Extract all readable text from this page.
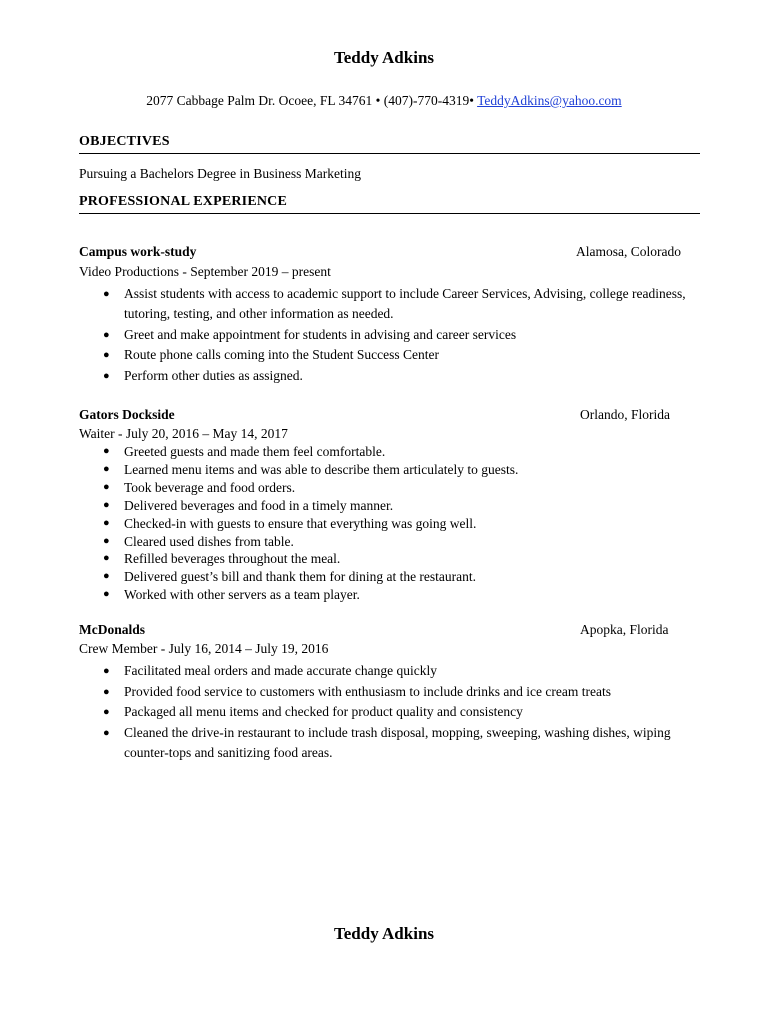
Teddy Adkins
2077 Cabbage Palm Dr. Ocoee, FL 34761 • (407)-770-4319• TeddyAdkins@yahoo.com
OBJECTIVES
Pursuing a Bachelors Degree in Business Marketing
PROFESSIONAL EXPERIENCE
Campus work-study	Alamosa, Colorado
Video Productions - September 2019 – present
● Assist students with access to academic support to include Career Services, Advising, college readiness, tutoring, testing, and other information as needed.
● Greet and make appointment for students in advising and career services
● Route phone calls coming into the Student Success Center
● Perform other duties as assigned.
Gators Dockside	Orlando, Florida
Waiter - July 20, 2016 – May 14, 2017
● Greeted guests and made them feel comfortable.
● Learned menu items and was able to describe them articulately to guests.
● Took beverage and food orders.
● Delivered beverages and food in a timely manner.
● Checked-in with guests to ensure that everything was going well.
● Cleared used dishes from table.
● Refilled beverages throughout the meal.
● Delivered guest’s bill and thank them for dining at the restaurant.
● Worked with other servers as a team player.
McDonalds	Apopka, Florida
Crew Member - July 16, 2014 – July 19, 2016
● Facilitated meal orders and made accurate change quickly
● Provided food service to customers with enthusiasm to include drinks and ice cream treats
● Packaged all menu items and checked for product quality and consistency
● Cleaned the drive-in restaurant to include trash disposal, mopping, sweeping, washing dishes, wiping counter-tops and sanitizing food areas.
Teddy Adkins
